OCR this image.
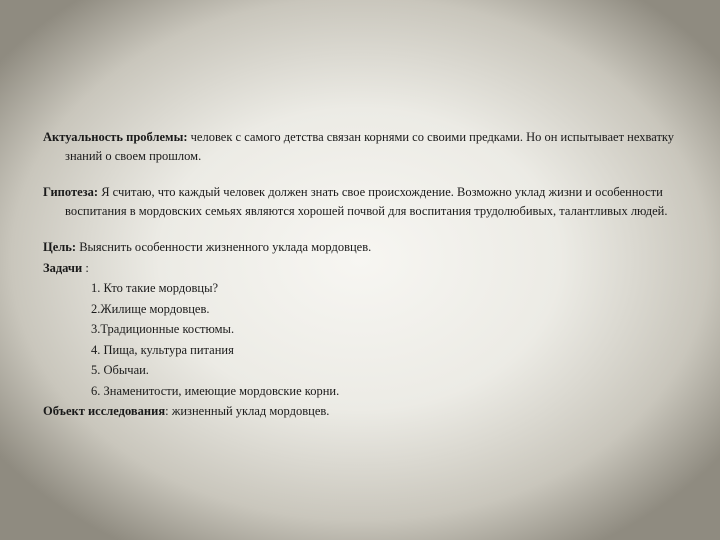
Актуальность проблемы: человек с самого детства связан корнями со своими предками. Но он испытывает нехватку знаний о своем прошлом.

Гипотеза: Я считаю, что каждый человек должен знать свое происхождение. Возможно уклад жизни и особенности воспитания в мордовских семьях являются хорошей почвой для воспитания трудолюбивых, талантливых людей.

Цель: Выяснить особенности жизненного уклада мордовцев.

Задачи :

1. Кто такие мордовцы?

2.Жилище мордовцев.

3.Традиционные костюмы.

4. Пища, культура питания

5. Обычаи.

6. Знаменитости, имеющие мордовские корни.

Объект исследования: жизненный уклад мордовцев.
